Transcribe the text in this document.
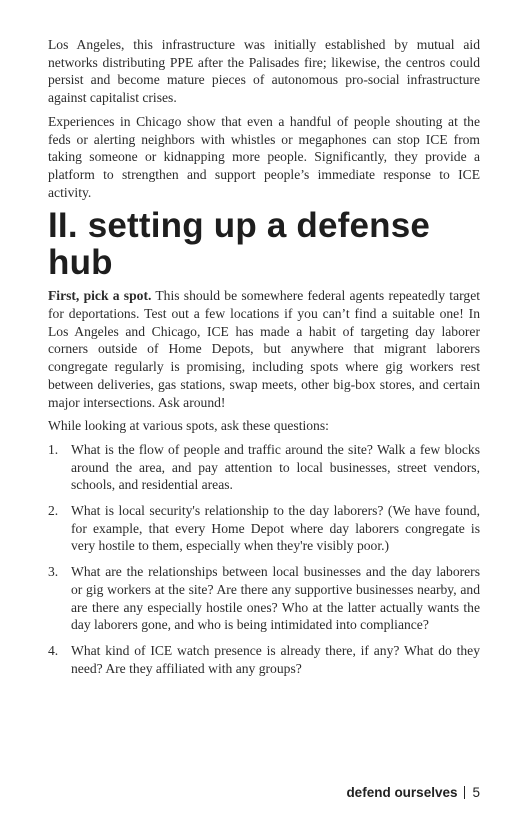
Los Angeles, this infrastructure was initially established by mutual aid networks distributing PPE after the Palisades fire; likewise, the centros could persist and become mature pieces of autonomous pro-social infrastructure against capitalist crises.

Experiences in Chicago show that even a handful of people shouting at the feds or alerting neighbors with whistles or megaphones can stop ICE from taking someone or kidnapping more people. Significantly, they provide a platform to strengthen and support people’s immediate response to ICE activity.

II. setting up a defense hub

First, pick a spot. This should be somewhere federal agents repeatedly target for deportations. Test out a few locations if you can’t find a suitable one! In Los Angeles and Chicago, ICE has made a habit of targeting day laborer corners outside of Home Depots, but anywhere that migrant laborers congregate regularly is promising, including spots where gig workers rest between deliveries, gas stations, swap meets, other big-box stores, and certain major intersections. Ask around!

While looking at various spots, ask these questions:

1. What is the flow of people and traffic around the site? Walk a few blocks around the area, and pay attention to local businesses, street vendors, schools, and residential areas.
2. What is local security's relationship to the day laborers? (We have found, for example, that every Home Depot where day laborers congregate is very hostile to them, especially when they're visibly poor.)
3. What are the relationships between local businesses and the day laborers or gig workers at the site? Are there any supportive businesses nearby, and are there any especially hostile ones? Who at the latter actually wants the day laborers gone, and who is being intimidated into compliance?
4. What kind of ICE watch presence is already there, if any? What do they need? Are they affiliated with any groups?
defend ourselves 5
